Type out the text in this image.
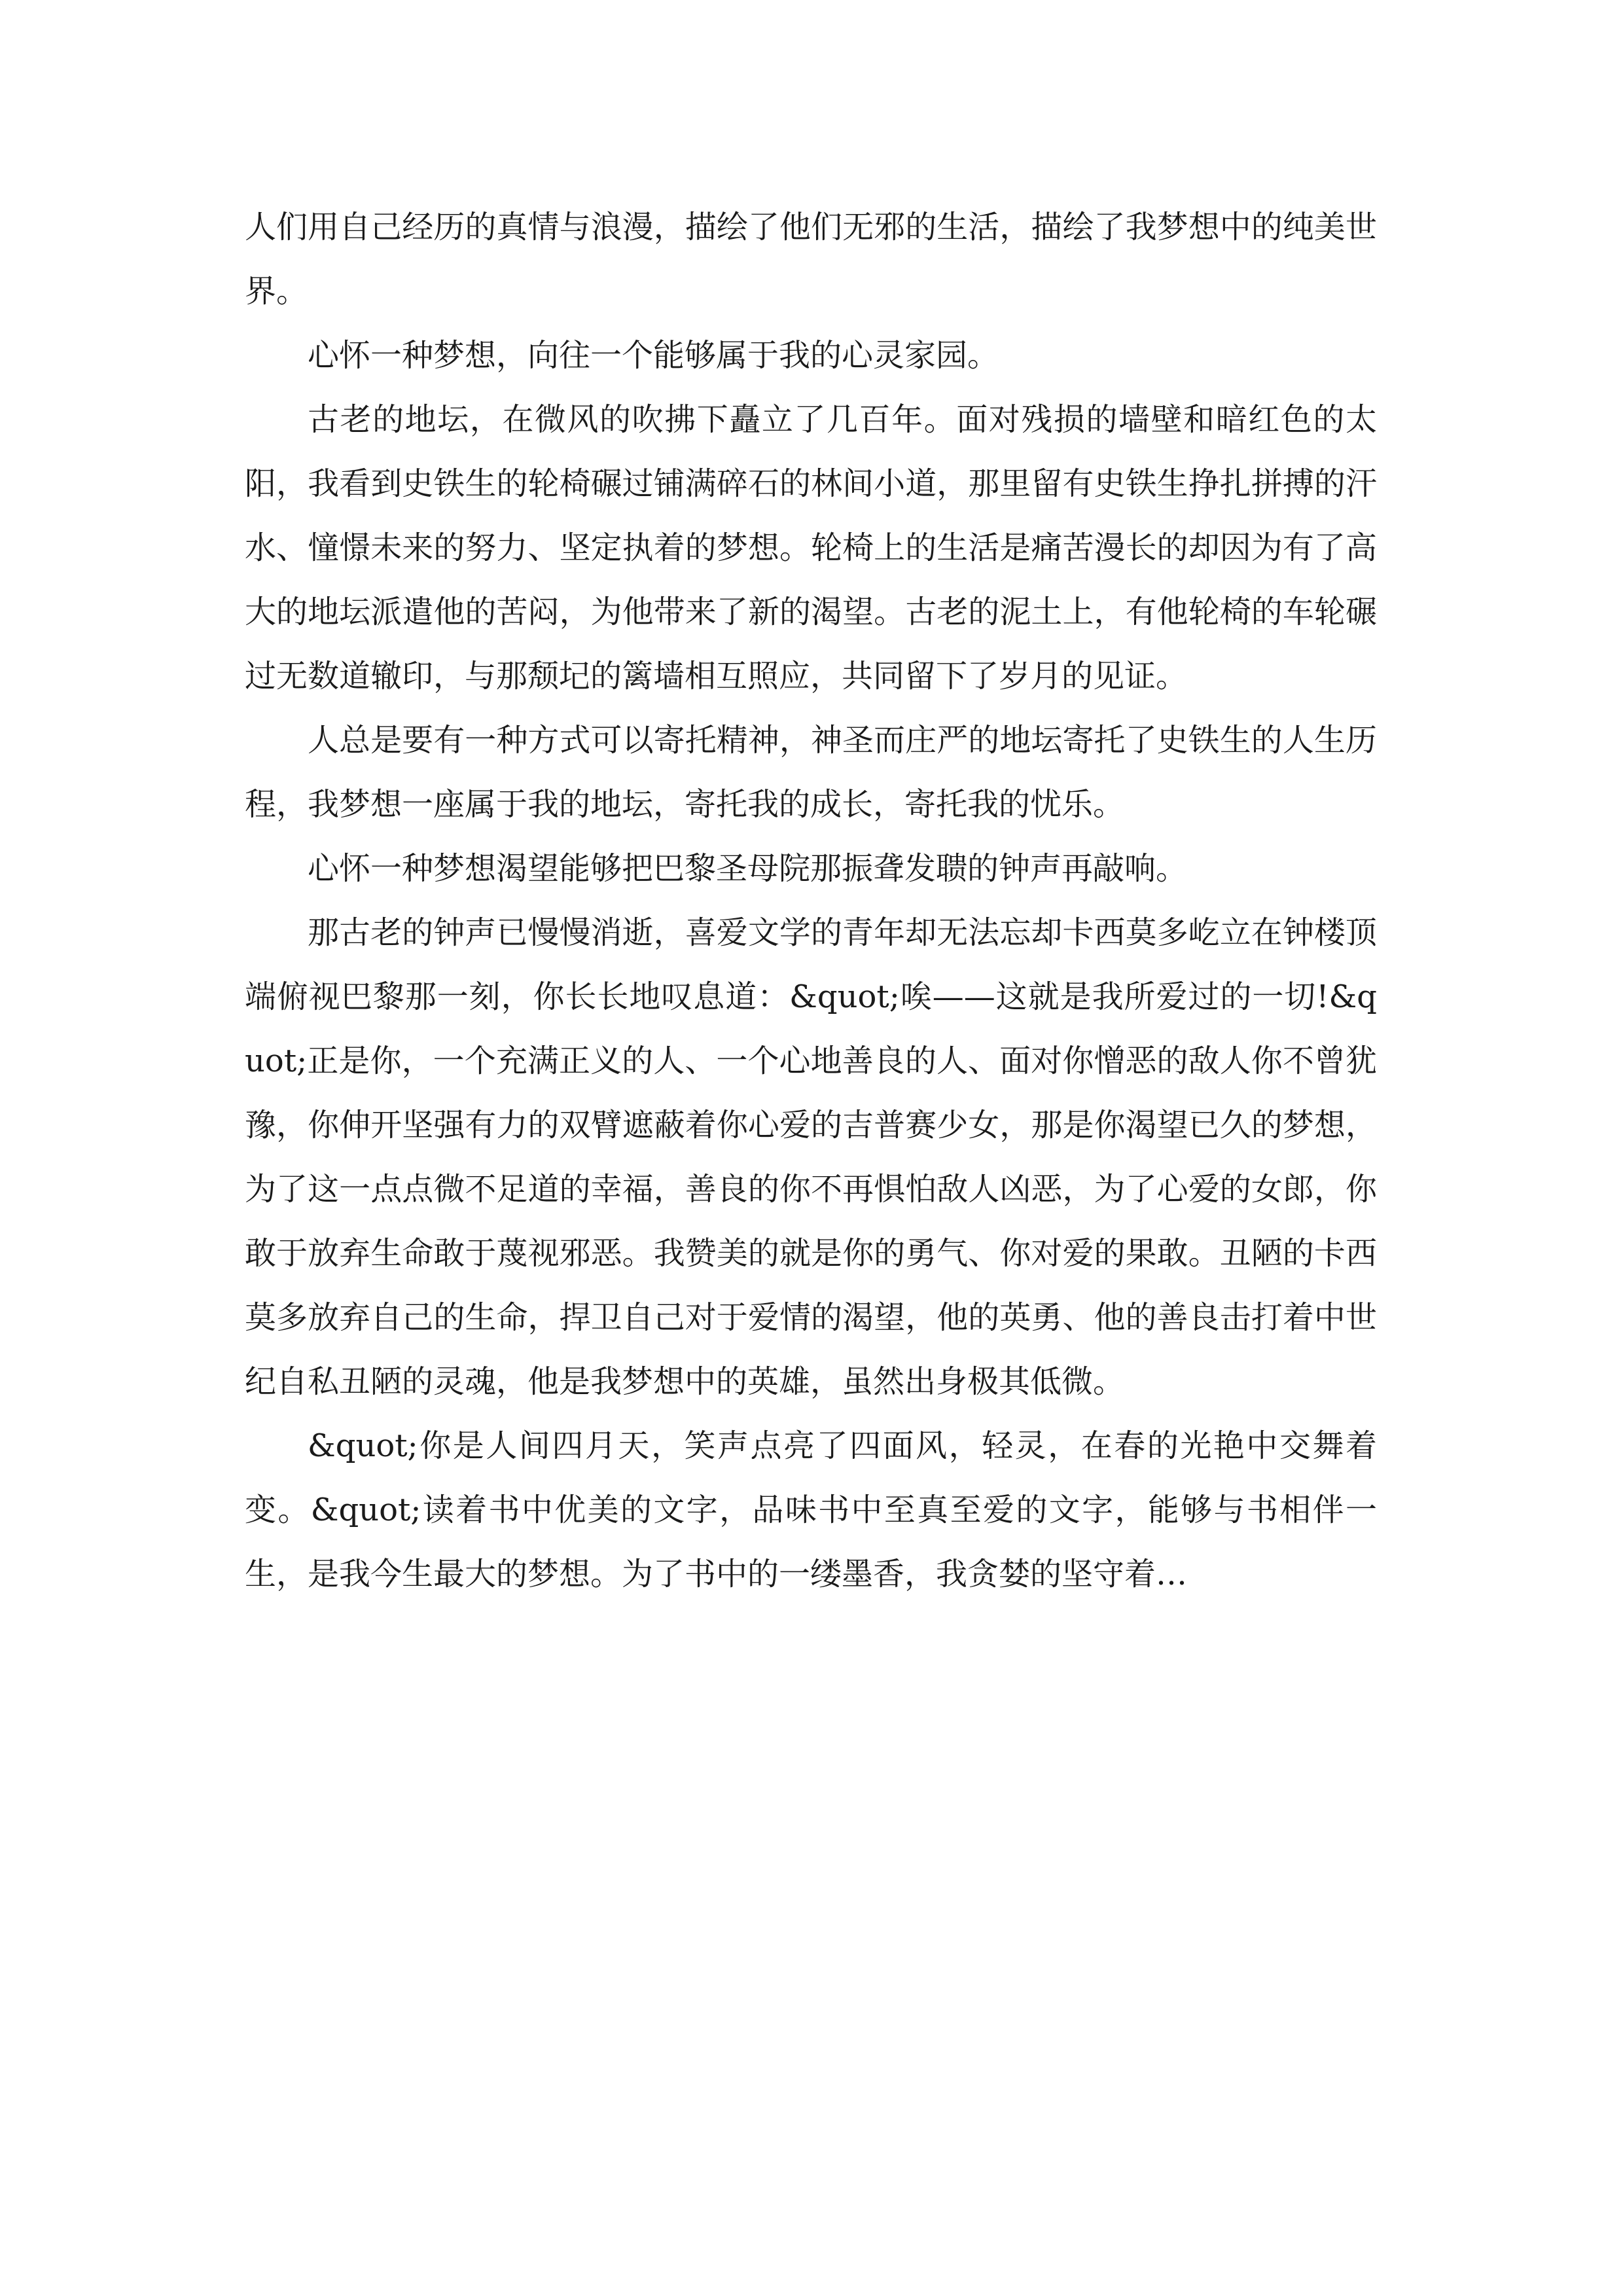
人们用自己经历的真情与浪漫，描绘了他们无邪的生活，描绘了我梦想中的纯美世界。

心怀一种梦想，向往一个能够属于我的心灵家园。

古老的地坛，在微风的吹拂下矗立了几百年。面对残损的墙壁和暗红色的太阳，我看到史铁生的轮椅碾过铺满碎石的林间小道，那里留有史铁生挣扎拼搏的汗水、憧憬未来的努力、坚定执着的梦想。轮椅上的生活是痛苦漫长的却因为有了高大的地坛派遣他的苦闷，为他带来了新的渴望。古老的泥土上，有他轮椅的车轮碾过无数道辙印，与那颓圮的篱墙相互照应，共同留下了岁月的见证。

人总是要有一种方式可以寄托精神，神圣而庄严的地坛寄托了史铁生的人生历程，我梦想一座属于我的地坛，寄托我的成长，寄托我的忧乐。

心怀一种梦想渴望能够把巴黎圣母院那振聋发聩的钟声再敲响。

那古老的钟声已慢慢消逝，喜爱文学的青年却无法忘却卡西莫多屹立在钟楼顶端俯视巴黎那一刻，你长长地叹息道：&quot;唉——这就是我所爱过的一切!&quot;正是你，一个充满正义的人、一个心地善良的人、面对你憎恶的敌人你不曾犹豫，你伸开坚强有力的双臂遮蔽着你心爱的吉普赛少女，那是你渴望已久的梦想，为了这一点点微不足道的幸福，善良的你不再惧怕敌人凶恶，为了心爱的女郎，你敢于放弃生命敢于蔑视邪恶。我赞美的就是你的勇气、你对爱的果敢。丑陋的卡西莫多放弃自己的生命，捍卫自己对于爱情的渴望，他的英勇、他的善良击打着中世纪自私丑陋的灵魂，他是我梦想中的英雄，虽然出身极其低微。

&quot;你是人间四月天，笑声点亮了四面风，轻灵，在春的光艳中交舞着变。&quot;读着书中优美的文字，品味书中至真至爱的文字，能够与书相伴一生，是我今生最大的梦想。为了书中的一缕墨香，我贪婪的坚守着…
